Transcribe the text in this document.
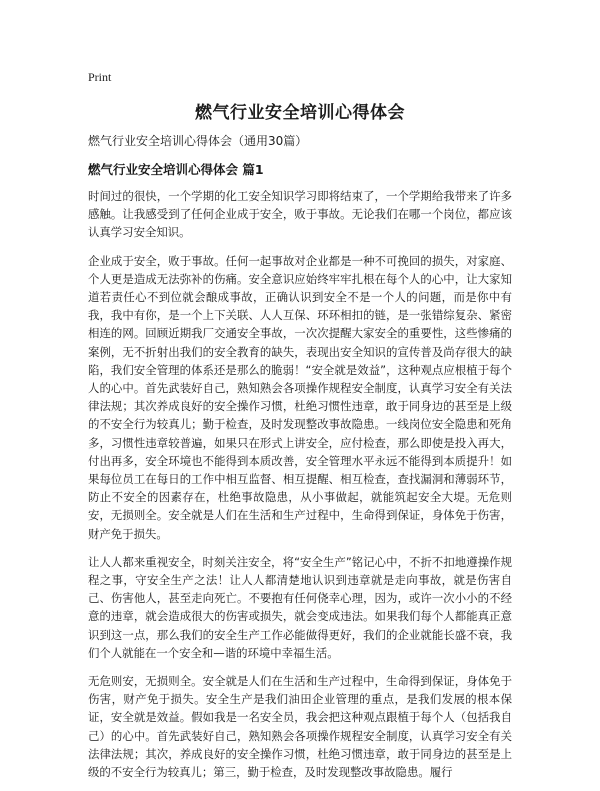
Print
燃气行业安全培训心得体会

燃气行业安全培训心得体会（通用30篇）

燃气行业安全培训心得体会 篇1

时间过的很快，一个学期的化工安全知识学习即将结束了，一个学期给我带来了许多感触。让我感受到了任何企业成于安全，败于事故。无论我们在哪一个岗位，都应该认真学习安全知识。

企业成于安全，败于事故。任何一起事故对企业都是一种不可挽回的损失，对家庭、个人更是造成无法弥补的伤痛。安全意识应始终牢牢扎根在每个人的心中，让大家知道若责任心不到位就会酿成事故，正确认识到安全不是一个人的问题，而是你中有我，我中有你，是一个上下关联、人人互保、环环相扣的链，是一张错综复杂、紧密相连的网。回顾近期我厂交通安全事故，一次次提醒大家安全的重要性，这些惨痛的案例，无不折射出我们的安全教育的缺失，表现出安全知识的宣传普及尚存很大的缺陷，我们安全管理的体系还是那么的脆弱！“安全就是效益”，这种观点应根植于每个人的心中。首先武装好自己，熟知熟会各项操作规程安全制度，认真学习安全有关法律法规；其次养成良好的安全操作习惯，杜绝习惯性违章，敢于同身边的甚至是上级的不安全行为较真儿；勤于检查，及时发现整改事故隐患。一线岗位安全隐患和死角多，习惯性违章较普遍，如果只在形式上讲安全，应付检查，那么即使是投入再大，付出再多，安全环境也不能得到本质改善，安全管理水平永远不能得到本质提升！如果每位员工在每日的工作中相互监督、相互提醒、相互检查，查找漏洞和薄弱环节，防止不安全的因素存在，杜绝事故隐患，从小事做起，就能筑起安全大堤。无危则安，无损则全。安全就是人们在生活和生产过程中，生命得到保证，身体免于伤害，财产免于损失。

让人人都来重视安全，时刻关注安全，将“安全生产”铭记心中，不折不扣地遵操作规程之事，守安全生产之法！让人人都清楚地认识到违章就是走向事故，就是伤害自己、伤害他人，甚至走向死亡。不要抱有任何侥幸心理，因为，或许一次小小的不经意的违章，就会造成很大的伤害或损失，就会变成违法。如果我们每个人都能真正意识到这一点，那么我们的安全生产工作必能做得更好，我们的企业就能长盛不衰，我们个人就能在一个安全和—谐的环境中幸福生活。

无危则安，无损则全。安全就是人们在生活和生产过程中，生命得到保证，身体免于伤害，财产免于损失。安全生产是我们油田企业管理的重点，是我们发展的根本保证，安全就是效益。假如我是一名安全员，我会把这种观点跟植于每个人（包括我自己）的心中。首先武装好自己，熟知熟会各项操作规程安全制度，认真学习安全有关法律法规；其次，养成良好的安全操作习惯，杜绝习惯违章，敢于同身边的甚至是上级的不安全行为较真儿；第三，勤于检查，及时发现整改事故隐患。履行
